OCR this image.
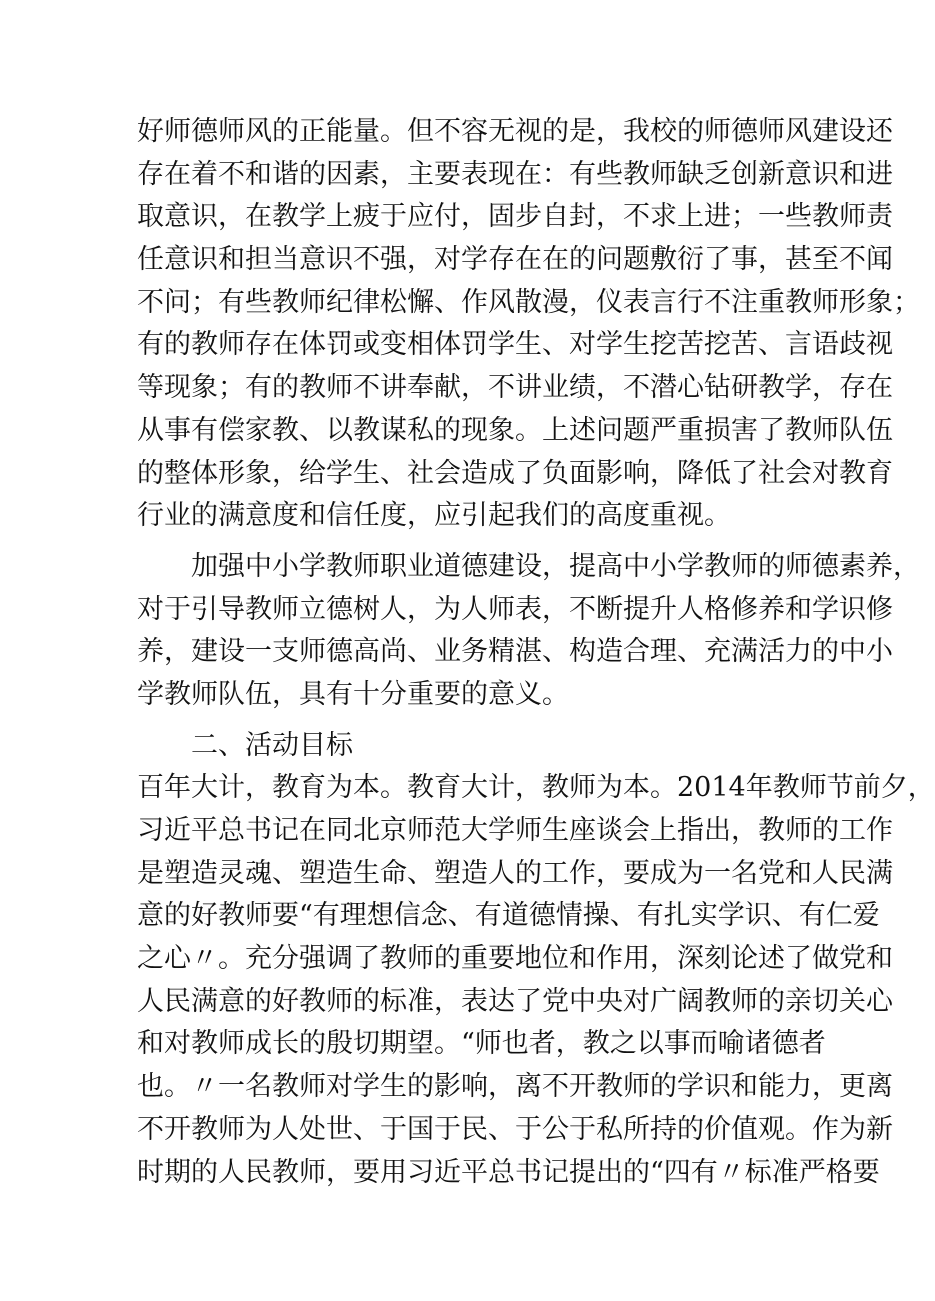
好师德师风的正能量。但不容无视的是，我校的师德师风建设还
存在着不和谐的因素，主要表现在：有些教师缺乏创新意识和进
取意识，在教学上疲于应付，固步自封，不求上进；一些教师责
任意识和担当意识不强，对学存在在的问题敷衍了事，甚至不闻
不问；有些教师纪律松懈、作风散漫，仪表言行不注重教师形象；
有的教师存在体罚或变相体罚学生、对学生挖苦挖苦、言语歧视
等现象；有的教师不讲奉献，不讲业绩，不潜心钻研教学，存在
从事有偿家教、以教谋私的现象。上述问题严重损害了教师队伍
的整体形象，给学生、社会造成了负面影响，降低了社会对教育
行业的满意度和信任度，应引起我们的高度重视。
　　加强中小学教师职业道德建设，提高中小学教师的师德素养，
对于引导教师立德树人，为人师表，不断提升人格修养和学识修
养，建设一支师德高尚、业务精湛、构造合理、充满活力的中小
学教师队伍，具有十分重要的意义。
　　二、活动目标
百年大计，教育为本。教育大计，教师为本。2014年教师节前夕，
习近平总书记在同北京师范大学师生座谈会上指出，教师的工作
是塑造灵魂、塑造生命、塑造人的工作，要成为一名党和人民满
意的好教师要“有理想信念、有道德情操、有扎实学识、有仁爱
之心〃。充分强调了教师的重要地位和作用，深刻论述了做党和
人民满意的好教师的标准，表达了党中央对广阔教师的亲切关心
和对教师成长的殷切期望。“师也者，教之以事而喻诸德者
也。〃一名教师对学生的影响，离不开教师的学识和能力，更离
不开教师为人处世、于国于民、于公于私所持的价值观。作为新
时期的人民教师，要用习近平总书记提出的“四有〃标准严格要
